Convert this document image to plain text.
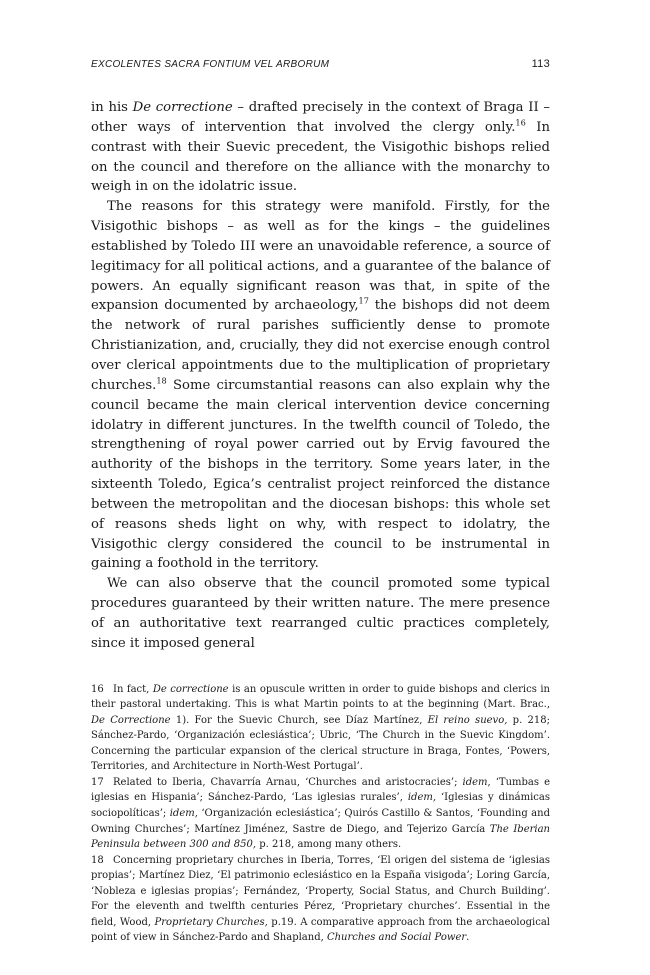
EXCOLENTES SACRA FONTIUM VEL ARBORUM	113

in his De correctione – drafted precisely in the context of Braga II – other ways of intervention that involved the clergy only.$^{16}$ In contrast with their Suevic precedent, the Visigothic bishops relied on the council and therefore on the alliance with the monarchy to weigh in on the idolatric issue.

The reasons for this strategy were manifold. Firstly, for the Visigothic bishops – as well as for the kings – the guidelines established by Toledo III were an unavoidable reference, a source of legitimacy for all political actions, and a guarantee of the balance of powers. An equally significant reason was that, in spite of the expansion documented by archaeology,$^{17}$ the bishops did not deem the network of rural parishes sufficiently dense to promote Christianization, and, crucially, they did not exercise enough control over clerical appointments due to the multiplication of proprietary churches.$^{18}$ Some circumstantial reasons can also explain why the council became the main clerical intervention device concerning idolatry in different junctures. In the twelfth council of Toledo, the strengthening of royal power carried out by Ervig favoured the authority of the bishops in the territory. Some years later, in the sixteenth Toledo, Egica’s centralist project reinforced the distance between the metropolitan and the diocesan bishops: this whole set of reasons sheds light on why, with respect to idolatry, the Visigothic clergy considered the council to be instrumental in gaining a foothold in the territory.

We can also observe that the council promoted some typical procedures guaranteed by their written nature. The mere presence of an authoritative text rearranged cultic practices completely, since it imposed general

16 In fact, De correctione is an opuscule written in order to guide bishops and clerics in their pastoral undertaking. This is what Martin points to at the beginning (Mart. Brac., De Correctione 1). For the Suevic Church, see Díaz Martínez, El reino suevo, p. 218; Sánchez-Pardo, ‘Organización eclesiástica’; Ubric, ‘The Church in the Suevic Kingdom’. Concerning the particular expansion of the clerical structure in Braga, Fontes, ‘Powers, Territories, and Architecture in North-West Portugal’.

17 Related to Iberia, Chavarría Arnau, ‘Churches and aristocracies’; idem, ‘Tumbas e iglesias en Hispania’; Sánchez-Pardo, ‘Las iglesias rurales’, idem, ‘Iglesias y dinámicas sociopolíticas’; idem, ‘Organización eclesiástica’; Quirós Castillo & Santos, ‘Founding and Owning Churches’; Martínez Jiménez, Sastre de Diego, and Tejerizo García The Iberian Peninsula between 300 and 850, p. 218, among many others.

18 Concerning proprietary churches in Iberia, Torres, ‘El origen del sistema de ‘iglesias propias’; Martínez Diez, ‘El patrimonio eclesiástico en la España visigoda’; Loring García, ‘Nobleza e iglesias propias’; Fernández, ‘Property, Social Status, and Church Building’. For the eleventh and twelfth centuries Pérez, ‘Proprietary churches’. Essential in the field, Wood, Proprietary Churches, p.19. A comparative approach from the archaeological point of view in Sánchez-Pardo and Shapland, Churches and Social Power.
